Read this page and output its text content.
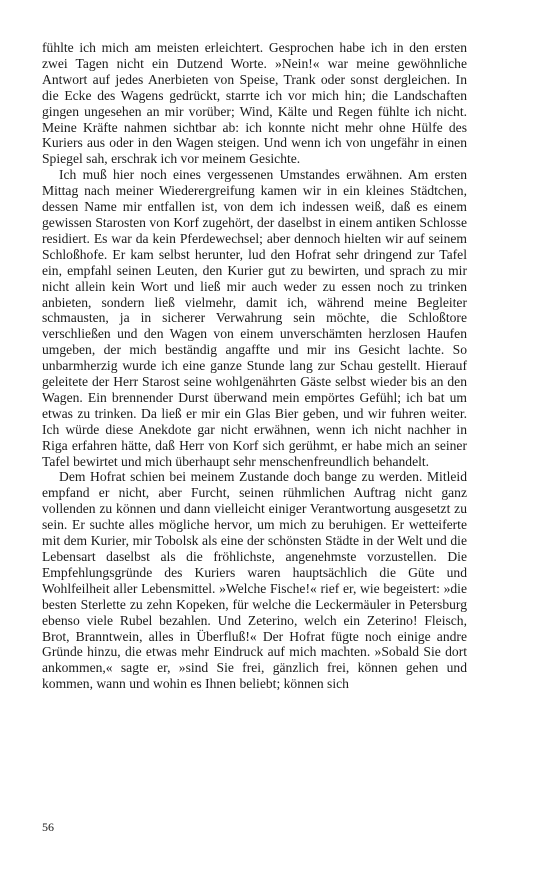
fühlte ich mich am meisten erleichtert. Gesprochen habe ich in den ersten zwei Tagen nicht ein Dutzend Worte. »Nein!« war meine gewöhnliche Antwort auf jedes Anerbieten von Speise, Trank oder sonst dergleichen. In die Ecke des Wagens gedrückt, starrte ich vor mich hin; die Landschaften gingen ungesehen an mir vorüber; Wind, Kälte und Regen fühlte ich nicht. Meine Kräfte nahmen sichtbar ab: ich konnte nicht mehr ohne Hülfe des Kuriers aus oder in den Wagen steigen. Und wenn ich von ungefähr in einen Spiegel sah, erschrak ich vor meinem Gesichte.

Ich muß hier noch eines vergessenen Umstandes erwähnen. Am ersten Mittag nach meiner Wiederergreifung kamen wir in ein kleines Städtchen, dessen Name mir entfallen ist, von dem ich indessen weiß, daß es einem gewissen Starosten von Korf zugehört, der daselbst in einem antiken Schlosse residiert. Es war da kein Pferdewechsel; aber dennoch hielten wir auf seinem Schloßhofe. Er kam selbst herunter, lud den Hofrat sehr dringend zur Tafel ein, empfahl seinen Leuten, den Kurier gut zu bewirten, und sprach zu mir nicht allein kein Wort und ließ mir auch weder zu essen noch zu trinken anbieten, sondern ließ vielmehr, damit ich, während meine Begleiter schmausten, ja in sicherer Verwahrung sein möchte, die Schloßtore verschließen und den Wagen von einem unverschämten herzlosen Haufen umgeben, der mich beständig angaffte und mir ins Gesicht lachte. So unbarmherzig wurde ich eine ganze Stunde lang zur Schau gestellt. Hierauf geleitete der Herr Starost seine wohlgenährten Gäste selbst wieder bis an den Wagen. Ein brennender Durst überwand mein empörtes Gefühl; ich bat um etwas zu trinken. Da ließ er mir ein Glas Bier geben, und wir fuhren weiter. Ich würde diese Anekdote gar nicht erwähnen, wenn ich nicht nachher in Riga erfahren hätte, daß Herr von Korf sich gerühmt, er habe mich an seiner Tafel bewirtet und mich überhaupt sehr menschenfreundlich behandelt.

Dem Hofrat schien bei meinem Zustande doch bange zu werden. Mitleid empfand er nicht, aber Furcht, seinen rühmlichen Auftrag nicht ganz vollenden zu können und dann vielleicht einiger Verantwortung ausgesetzt zu sein. Er suchte alles mögliche hervor, um mich zu beruhigen. Er wetteiferte mit dem Kurier, mir Tobolsk als eine der schönsten Städte in der Welt und die Lebensart daselbst als die fröhlichste, angenehmste vorzustellen. Die Empfehlungsgründe des Kuriers waren hauptsächlich die Güte und Wohlfeilheit aller Lebensmittel. »Welche Fische!« rief er, wie begeistert: »die besten Sterlette zu zehn Kopeken, für welche die Leckermäuler in Petersburg ebenso viele Rubel bezahlen. Und Zeterino, welch ein Zeterino! Fleisch, Brot, Branntwein, alles in Überfluß!« Der Hofrat fügte noch einige andre Gründe hinzu, die etwas mehr Eindruck auf mich machten. »Sobald Sie dort ankommen,« sagte er, »sind Sie frei, gänzlich frei, können gehen und kommen, wann und wohin es Ihnen beliebt; können sich

56
